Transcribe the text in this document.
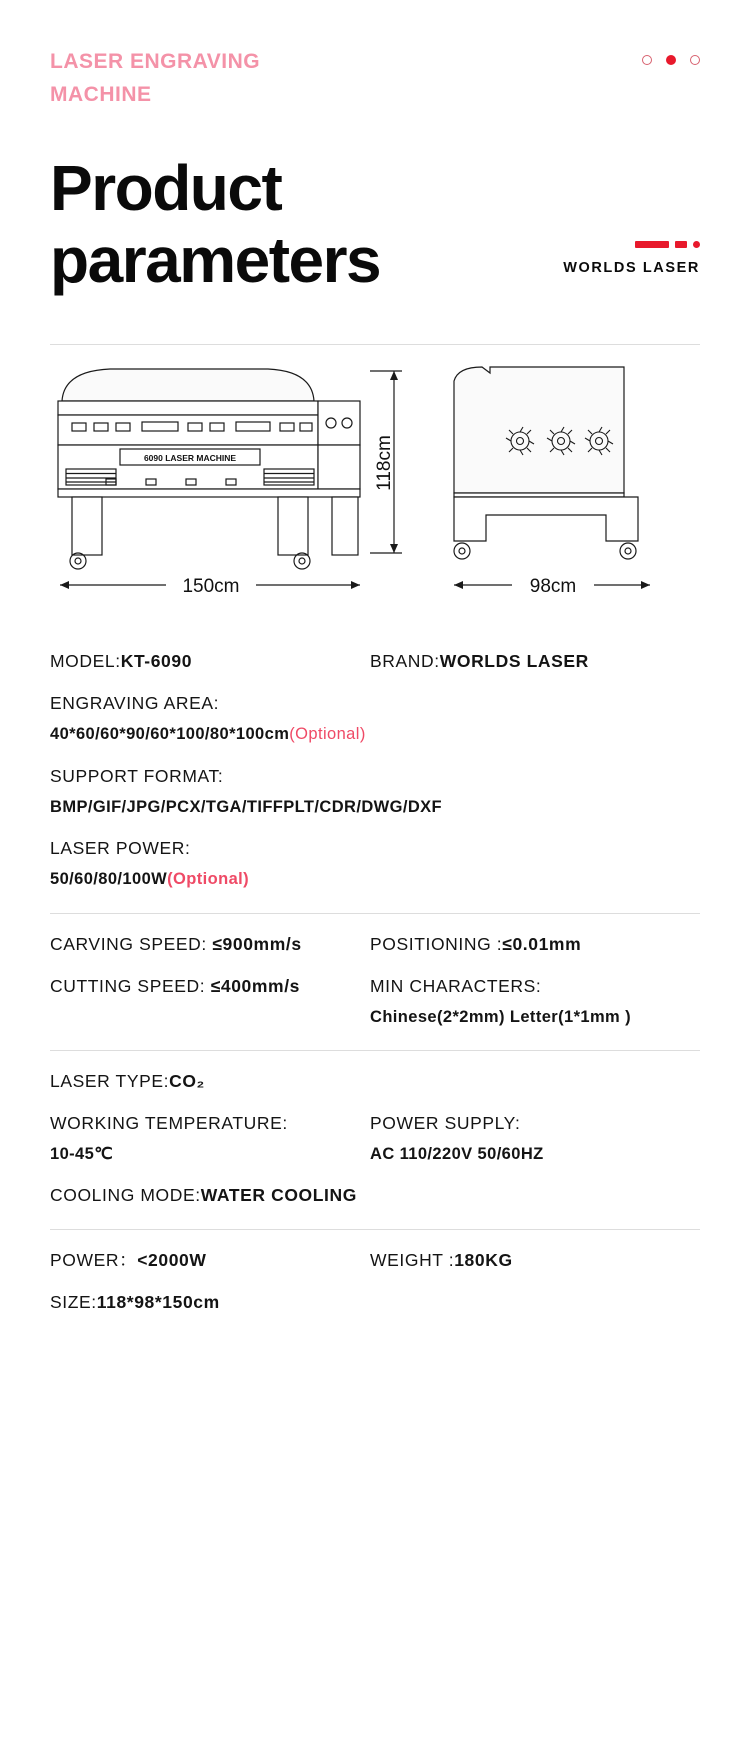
LASER ENGRAVING MACHINE
Product
parameters	WORLDS LASER
6090 LASER MACHINE
150cm
118cm
98cm
MODEL:KT-6090	BRAND:WORLDS LASER
ENGRAVING AREA:
40*60/60*90/60*100/80*100cm(Optional)
SUPPORT FORMAT:
BMP/GIF/JPG/PCX/TGA/TIFFPLT/CDR/DWG/DXF
LASER POWER:
50/60/80/100W(Optional)
CARVING SPEED: ≤900mm/s	POSITIONING :≤0.01mm
CUTTING SPEED: ≤400mm/s	MIN CHARACTERS:
Chinese(2*2mm) Letter(1*1mm )
LASER TYPE:CO₂
WORKING TEMPERATURE:
10-45℃
POWER SUPPLY:
AC 110/220V 50/60HZ
COOLING MODE:WATER COOLING
POWER：<2000W	WEIGHT :180KG
SIZE:118*98*150cm
